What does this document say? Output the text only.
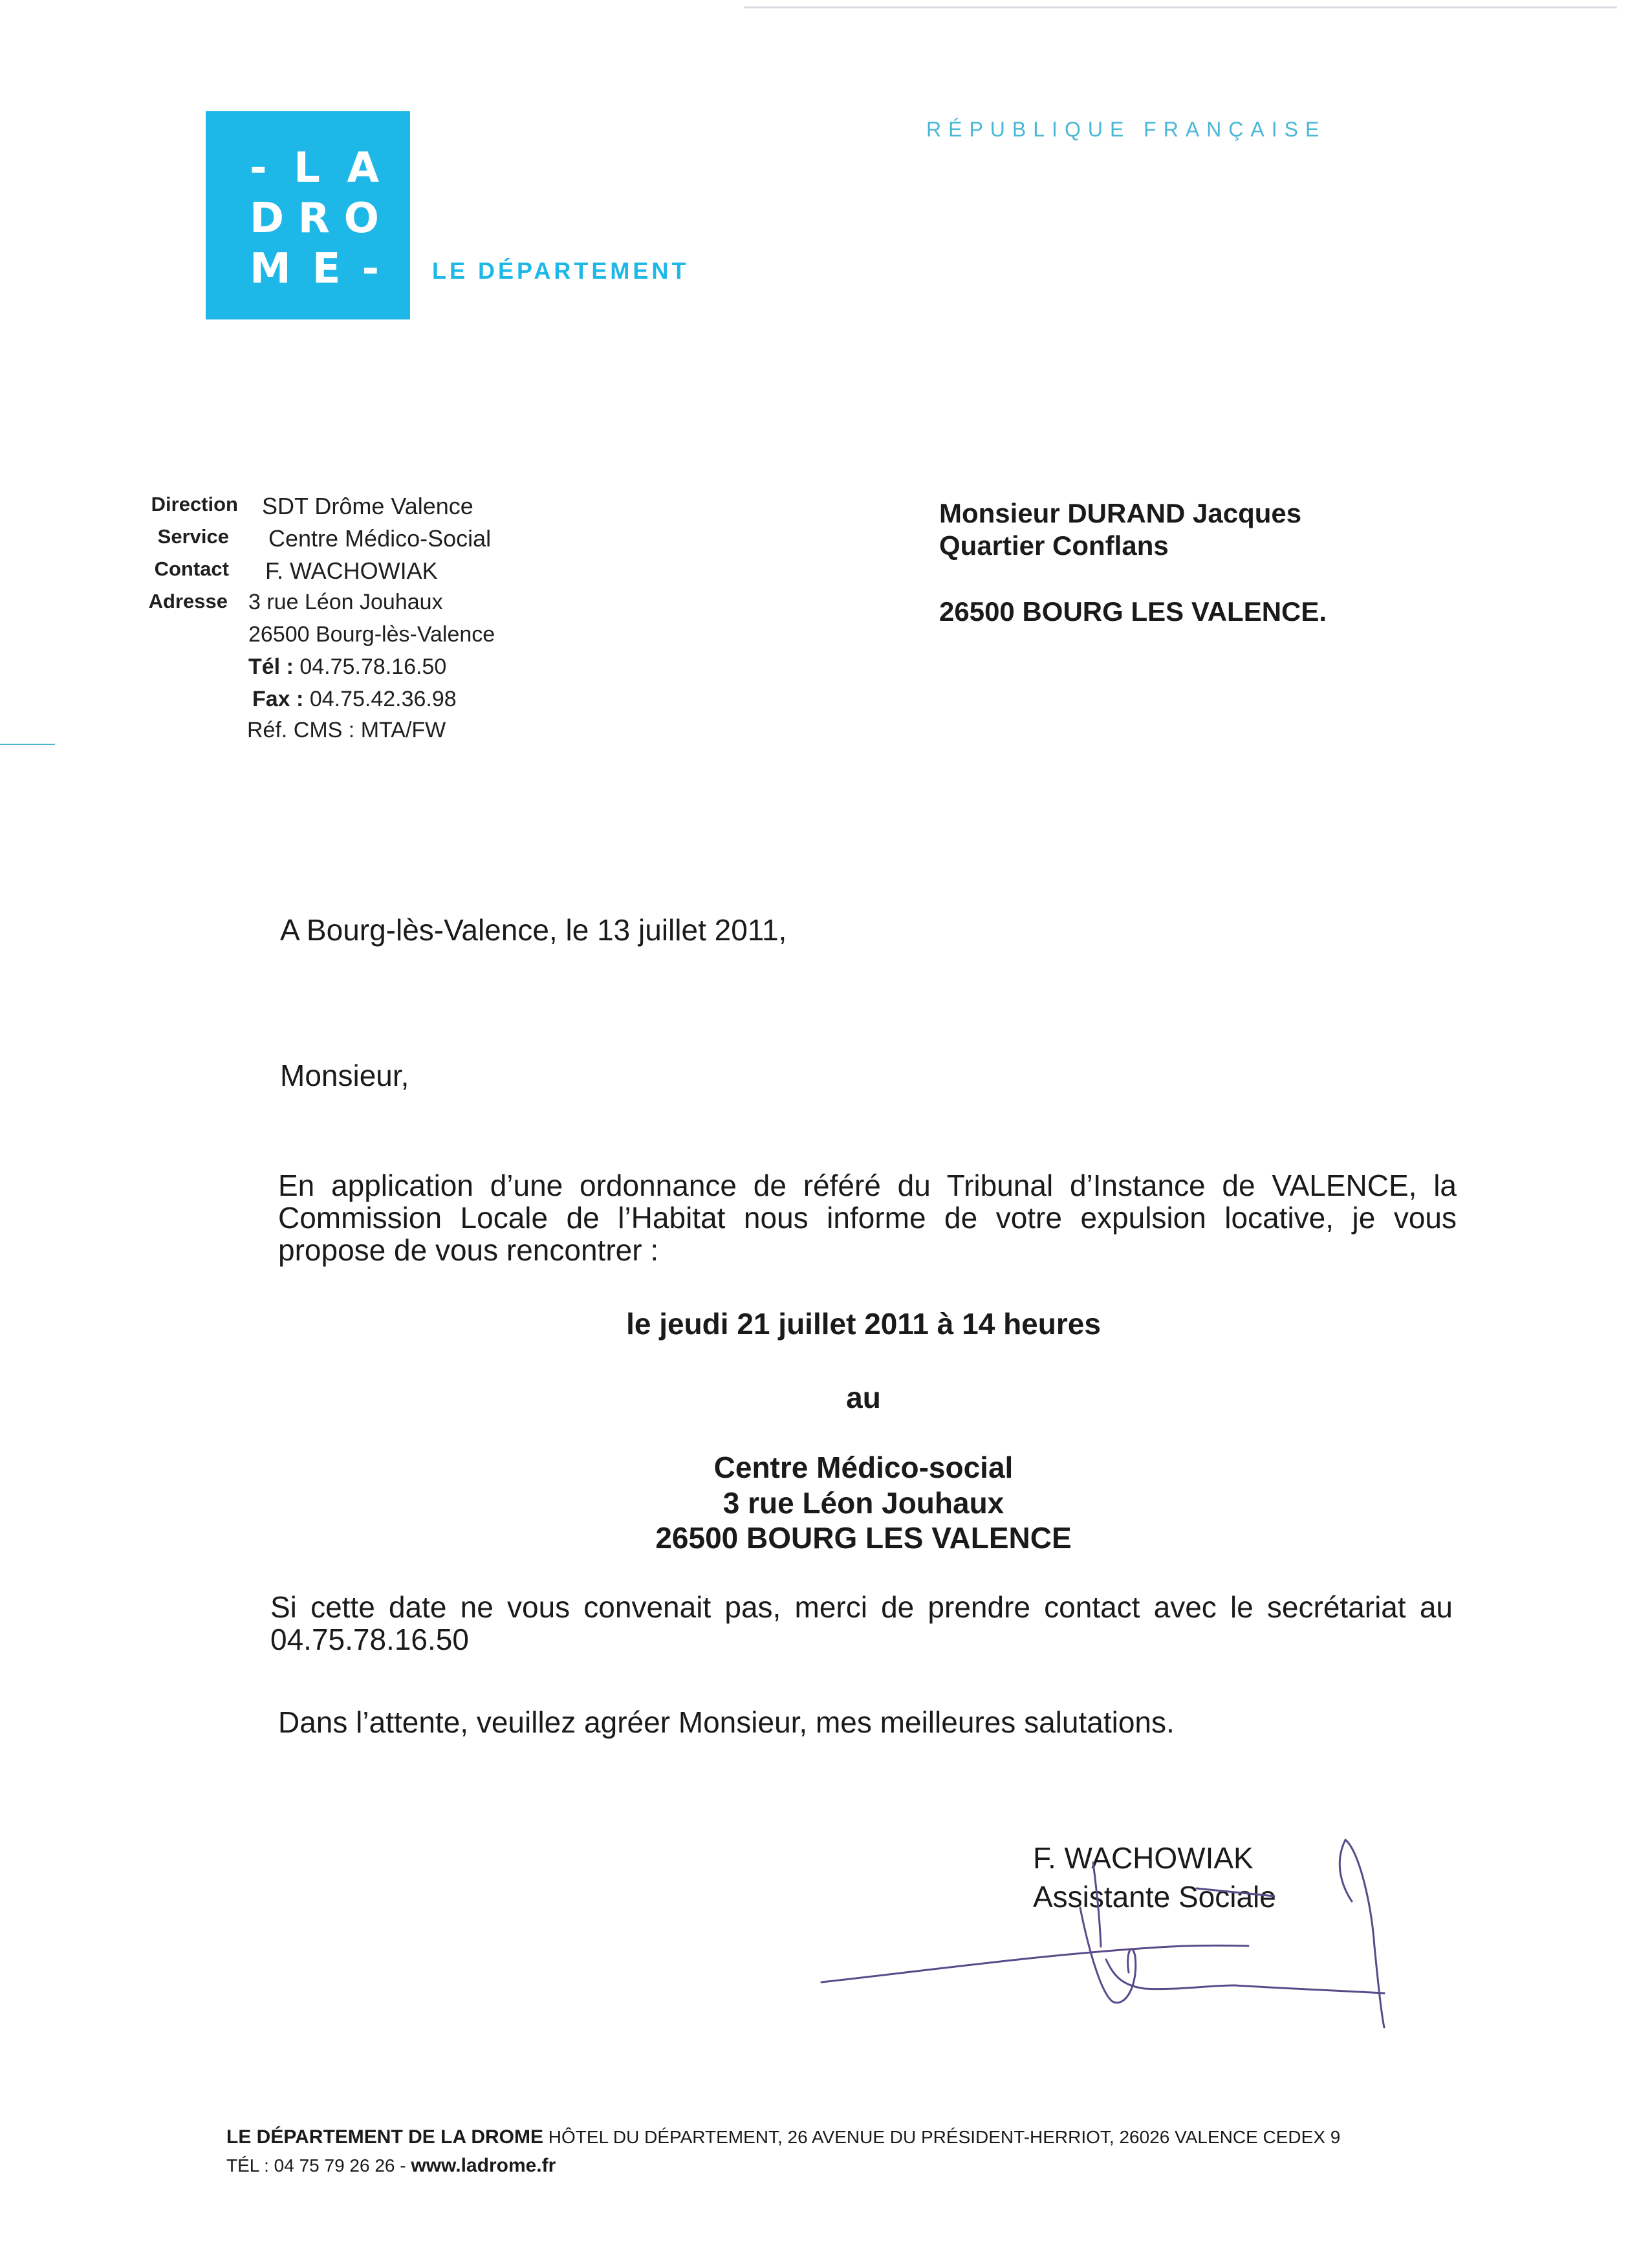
- L A
D R O
M E - LE DÉPARTEMENT
RÉPUBLIQUE FRANÇAISE
Direction SDT Drôme Valence
Service Centre Médico-Social
Contact F. WACHOWIAK
Adresse 3 rue Léon Jouhaux
26500 Bourg-lès-Valence
Tél : 04.75.78.16.50
Fax : 04.75.42.36.98
Réf. CMS : MTA/FW
Monsieur DURAND Jacques
Quartier Conflans
26500 BOURG LES VALENCE.
A Bourg-lès-Valence, le 13 juillet 2011,
Monsieur,
En application d’une ordonnance de référé du Tribunal d’Instance de VALENCE, la Commission Locale de l’Habitat nous informe de votre expulsion locative, je vous propose de vous rencontrer :
le jeudi 21 juillet 2011 à 14 heures
au
Centre Médico-social
3 rue Léon Jouhaux
26500 BOURG LES VALENCE
Si cette date ne vous convenait pas, merci de prendre contact avec le secrétariat au 04.75.78.16.50
Dans l’attente, veuillez agréer Monsieur, mes meilleures salutations.
F. WACHOWIAK
Assistante Sociale
LE DÉPARTEMENT DE LA DROME HÔTEL DU DÉPARTEMENT, 26 AVENUE DU PRÉSIDENT-HERRIOT, 26026 VALENCE CEDEX 9
TÉL : 04 75 79 26 26 - www.ladrome.fr
